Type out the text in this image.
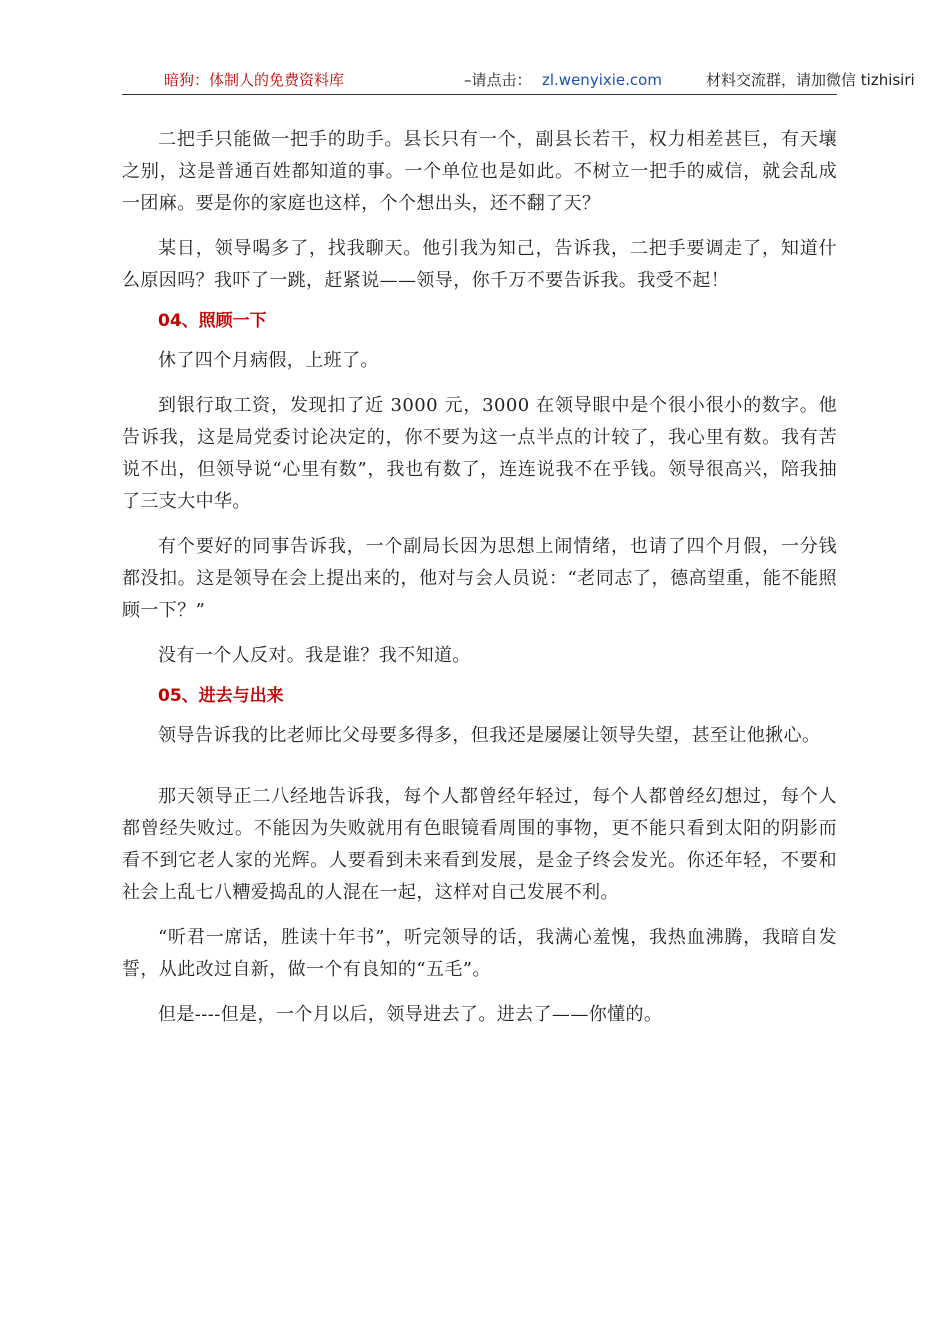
暗狗：体制人的免费资料库	–请点击： zl.wenyixie.com	材料交流群，请加微信 tizhisiri

二把手只能做一把手的助手。县长只有一个，副县长若干，权力相差甚巨，有天壤之别，这是普通百姓都知道的事。一个单位也是如此。不树立一把手的威信，就会乱成一团麻。要是你的家庭也这样，个个想出头，还不翻了天？

某日，领导喝多了，找我聊天。他引我为知己，告诉我，二把手要调走了，知道什么原因吗？我吓了一跳，赶紧说——领导，你千万不要告诉我。我受不起！

04、照顾一下

休了四个月病假，上班了。

到银行取工资，发现扣了近 3000 元，3000 在领导眼中是个很小很小的数字。他告诉我，这是局党委讨论决定的，你不要为这一点半点的计较了，我心里有数。我有苦说不出，但领导说“心里有数”，我也有数了，连连说我不在乎钱。领导很高兴，陪我抽了三支大中华。

有个要好的同事告诉我，一个副局长因为思想上闹情绪，也请了四个月假，一分钱都没扣。这是领导在会上提出来的，他对与会人员说：“老同志了，德高望重，能不能照顾一下？”

没有一个人反对。我是谁？我不知道。

05、进去与出来

领导告诉我的比老师比父母要多得多，但我还是屡屡让领导失望，甚至让他揪心。

那天领导正二八经地告诉我，每个人都曾经年轻过，每个人都曾经幻想过，每个人都曾经失败过。不能因为失败就用有色眼镜看周围的事物，更不能只看到太阳的阴影而看不到它老人家的光辉。人要看到未来看到发展，是金子终会发光。你还年轻，不要和社会上乱七八糟爱捣乱的人混在一起，这样对自己发展不利。

“听君一席话，胜读十年书”，听完领导的话，我满心羞愧，我热血沸腾，我暗自发誓，从此改过自新，做一个有良知的“五毛”。

但是----但是，一个月以后，领导进去了。进去了——你懂的。
